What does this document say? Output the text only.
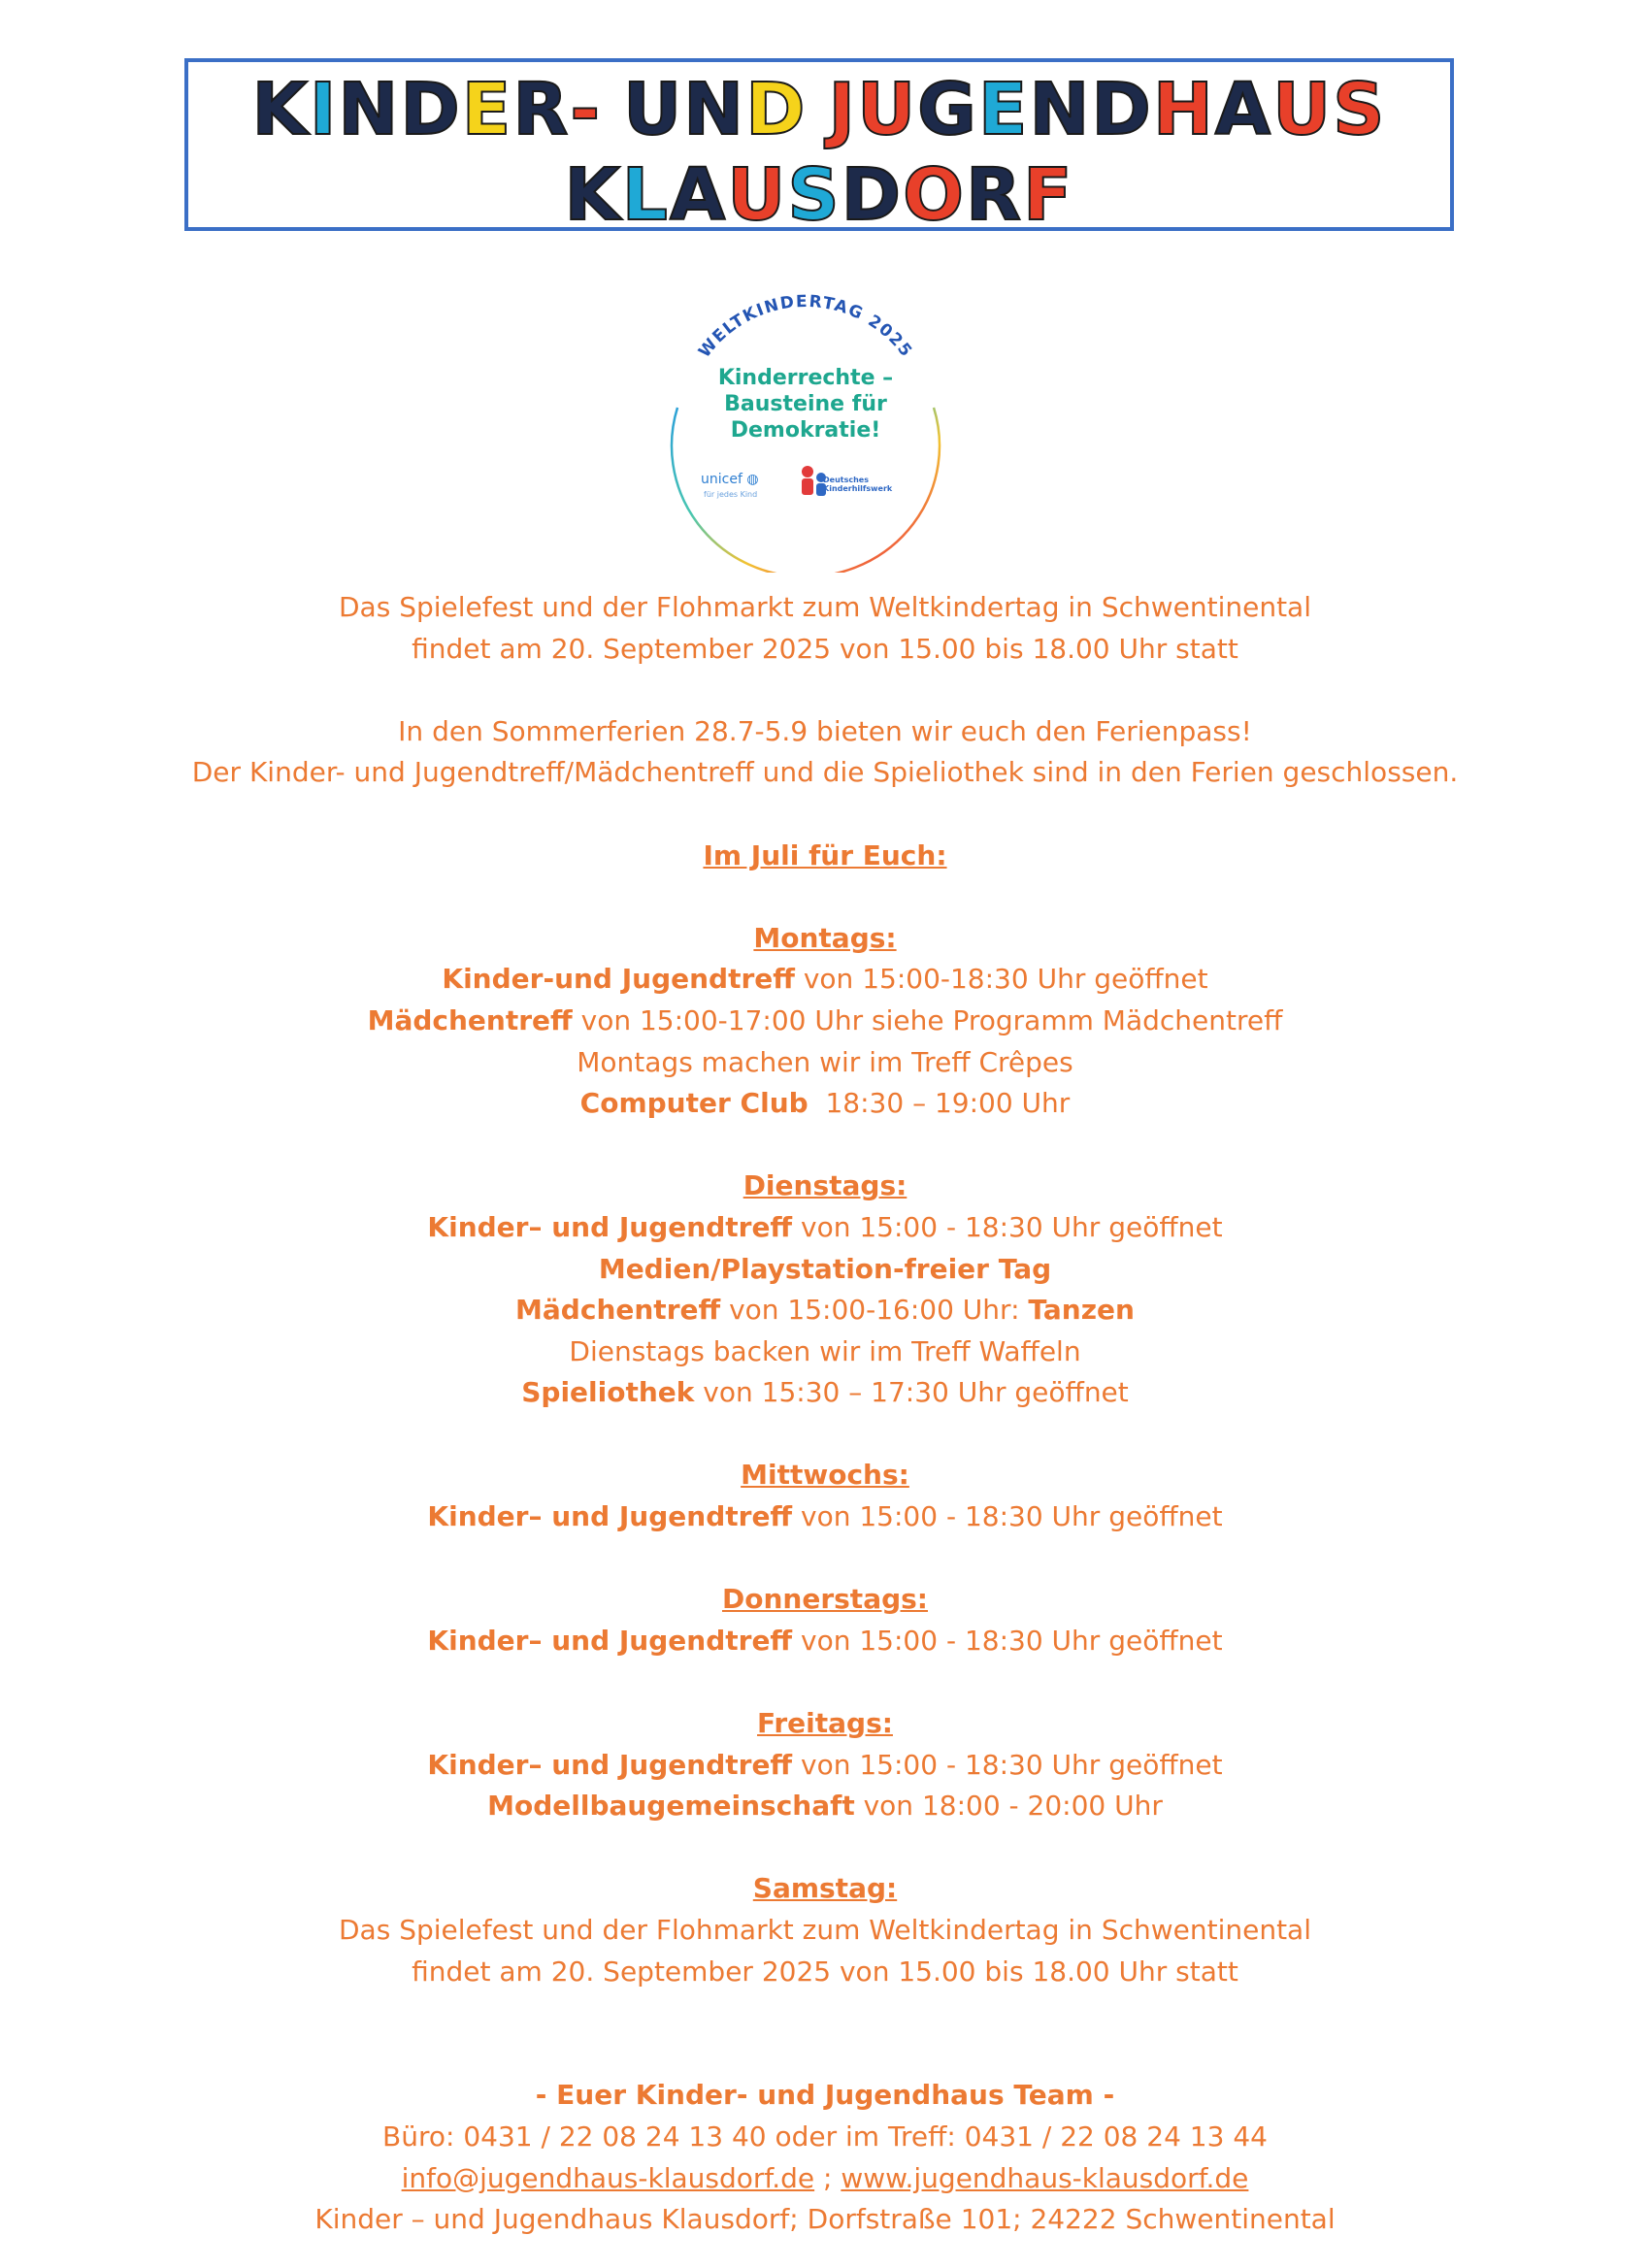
KINDER- UND JUGENDHAUS
KLAUSDORF
WELTKINDERTAG 2025
Kinderrechte –
Bausteine für
Demokratie!
unicef ◍
für jedes Kind
Deutsches
Kinderhilfswerk
Das Spielefest und der Flohmarkt zum Weltkindertag in Schwentinental
findet am 20. September 2025 von 15.00 bis 18.00 Uhr statt
In den Sommerferien 28.7-5.9 bieten wir euch den Ferienpass!
Der Kinder- und Jugendtreff/Mädchentreff und die Spieliothek sind in den Ferien geschlossen.
Im Juli für Euch:
Montags:
Kinder-und Jugendtreff von 15:00-18:30 Uhr geöffnet
Mädchentreff von 15:00-17:00 Uhr siehe Programm Mädchentreff
Montags machen wir im Treff Crêpes
Computer Club  18:30 – 19:00 Uhr
Dienstags:
Kinder– und Jugendtreff von 15:00 - 18:30 Uhr geöffnet
Medien/Playstation-freier Tag
Mädchentreff von 15:00-16:00 Uhr: Tanzen
Dienstags backen wir im Treff Waffeln
Spieliothek von 15:30 – 17:30 Uhr geöffnet
Mittwochs:
Kinder– und Jugendtreff von 15:00 - 18:30 Uhr geöffnet
Donnerstags:
Kinder– und Jugendtreff von 15:00 - 18:30 Uhr geöffnet
Freitags:
Kinder– und Jugendtreff von 15:00 - 18:30 Uhr geöffnet
Modellbaugemeinschaft von 18:00 - 20:00 Uhr
Samstag:
Das Spielefest und der Flohmarkt zum Weltkindertag in Schwentinental
findet am 20. September 2025 von 15.00 bis 18.00 Uhr statt
- Euer Kinder- und Jugendhaus Team -
Büro: 0431 / 22 08 24 13 40 oder im Treff: 0431 / 22 08 24 13 44
info@jugendhaus-klausdorf.de ; www.jugendhaus-klausdorf.de
Kinder – und Jugendhaus Klausdorf; Dorfstraße 101; 24222 Schwentinental
